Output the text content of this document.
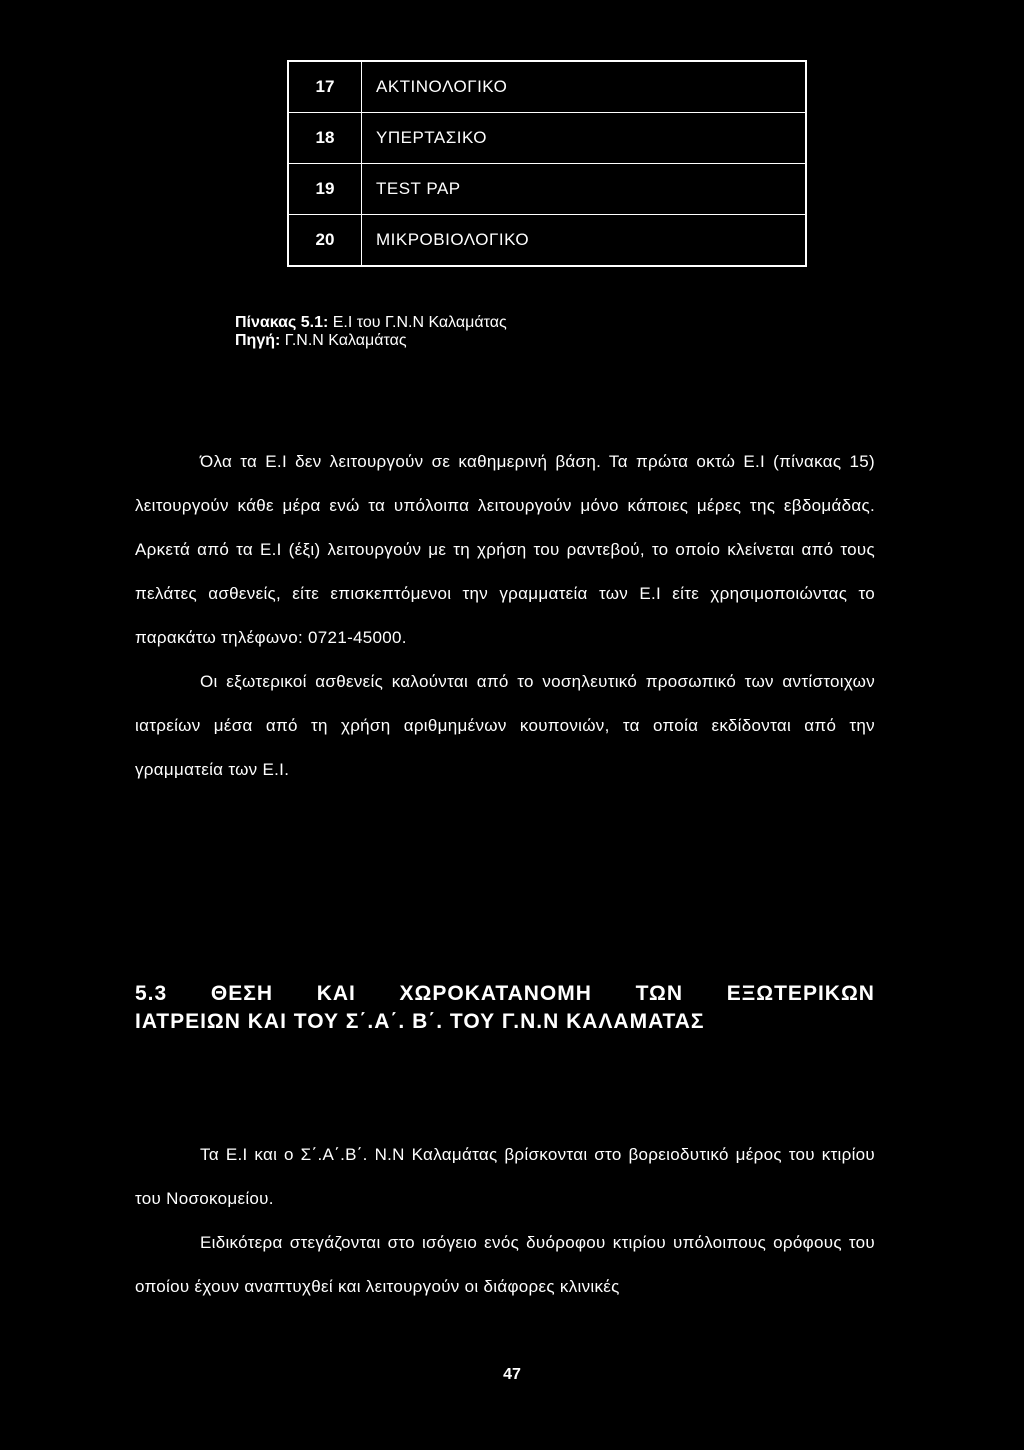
17	ΑΚΤΙΝΟΛΟΓΙΚΟ
18	ΥΠΕΡΤΑΣΙΚΟ
19	TEST PAP
20	ΜΙΚΡΟΒΙΟΛΟΓΙΚΟ
Πίνακας 5.1: Ε.Ι του Γ.Ν.Ν Καλαμάτας
Πηγή: Γ.Ν.Ν Καλαμάτας

Όλα τα Ε.Ι δεν λειτουργούν σε καθημερινή βάση. Τα πρώτα οκτώ Ε.Ι (πίνακας 15) λειτουργούν κάθε μέρα ενώ τα υπόλοιπα λειτουργούν μόνο κάποιες μέρες της εβδομάδας. Αρκετά από τα Ε.Ι (έξι) λειτουργούν με τη χρήση του ραντεβού, το οποίο κλείνεται από τους πελάτες ασθενείς, είτε επισκεπτόμενοι την γραμματεία των Ε.Ι είτε χρησιμοποιώντας το παρακάτω τηλέφωνο: 0721-45000.

Οι εξωτερικοί ασθενείς καλούνται από το νοσηλευτικό προσωπικό των αντίστοιχων ιατρείων μέσα από τη χρήση αριθμημένων κουπονιών, τα οποία εκδίδονται από την γραμματεία των Ε.Ι.

5.3 ΘΕΣΗ ΚΑΙ ΧΩΡΟΚΑΤΑΝΟΜΗ ΤΩΝ ΕΞΩΤΕΡΙΚΩΝ
ΙΑΤΡΕΙΩΝ ΚΑΙ ΤΟΥ Σ΄.Α΄. Β΄. ΤΟΥ Γ.Ν.Ν ΚΑΛΑΜΑΤΑΣ

Τα Ε.Ι και ο Σ΄.Α΄.Β΄. Ν.Ν Καλαμάτας βρίσκονται στο βορειοδυτικό μέρος του κτιρίου του Νοσοκομείου.

Ειδικότερα στεγάζονται στο ισόγειο ενός δυόροφου κτιρίου υπόλοιπους ορόφους του οποίου έχουν αναπτυχθεί και λειτουργούν οι διάφορες κλινικές

47
